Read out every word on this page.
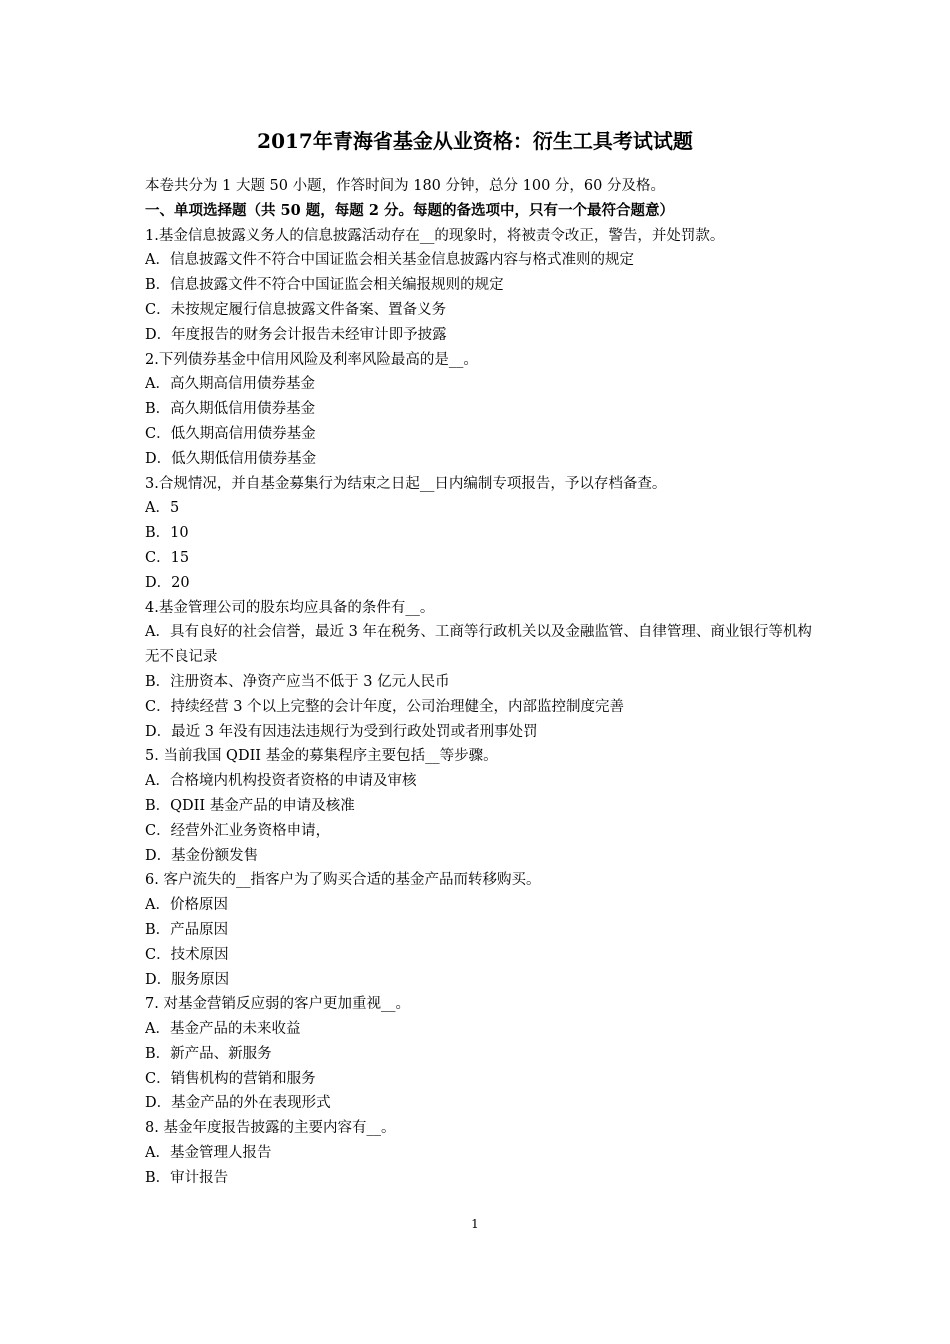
2017年青海省基金从业资格：衍生工具考试试题

本卷共分为 1 大题 50 小题，作答时间为 180 分钟，总分 100 分，60 分及格。

一、单项选择题（共 50 题，每题 2 分。每题的备选项中，只有一个最符合题意）

1.基金信息披露义务人的信息披露活动存在__的现象时，将被责令改正，警告，并处罚款。

A．信息披露文件不符合中国证监会相关基金信息披露内容与格式准则的规定

B．信息披露文件不符合中国证监会相关编报规则的规定

C．未按规定履行信息披露文件备案、置备义务

D．年度报告的财务会计报告未经审计即予披露

2.下列债券基金中信用风险及利率风险最高的是__。

A．高久期高信用债券基金

B．高久期低信用债券基金

C．低久期高信用债券基金

D．低久期低信用债券基金

3.合规情况，并自基金募集行为结束之日起__日内编制专项报告，予以存档备查。

A．5

B．10

C．15

D．20

4.基金管理公司的股东均应具备的条件有__。

A．具有良好的社会信誉，最近 3 年在税务、工商等行政机关以及金融监管、自律管理、商业银行等机构无不良记录

B．注册资本、净资产应当不低于 3 亿元人民币

C．持续经营 3 个以上完整的会计年度，公司治理健全，内部监控制度完善

D．最近 3 年没有因违法违规行为受到行政处罚或者刑事处罚

5. 当前我国 QDII 基金的募集程序主要包括__等步骤。

A．合格境内机构投资者资格的申请及审核

B．QDII 基金产品的申请及核准

C．经营外汇业务资格申请，

D．基金份额发售

6. 客户流失的__指客户为了购买合适的基金产品而转移购买。

A．价格原因

B．产品原因

C．技术原因

D．服务原因

7. 对基金营销反应弱的客户更加重视__。

A．基金产品的未来收益

B．新产品、新服务

C．销售机构的营销和服务

D．基金产品的外在表现形式

8. 基金年度报告披露的主要内容有__。

A．基金管理人报告

B．审计报告

1
